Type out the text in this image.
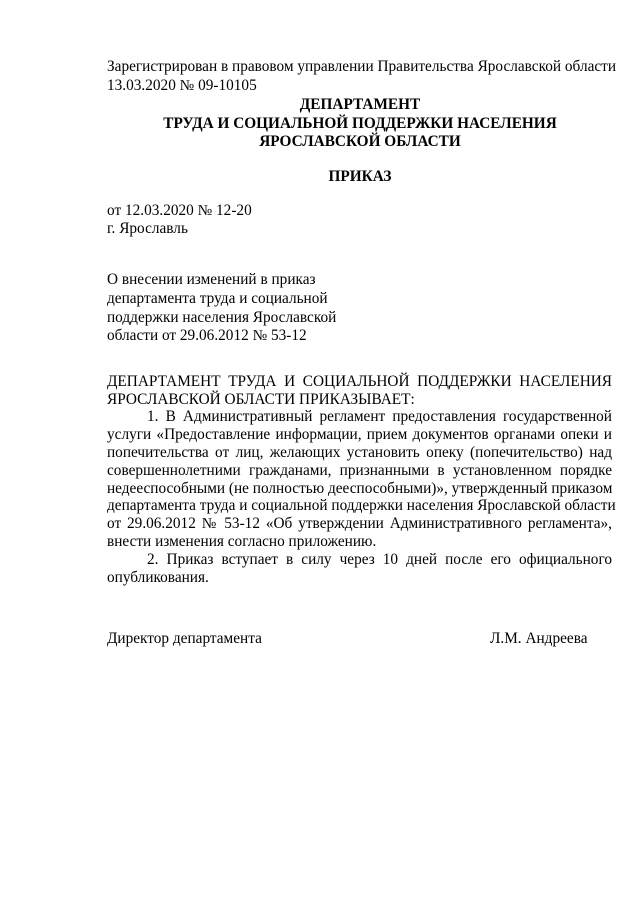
Зарегистрирован в правовом управлении Правительства Ярославской области
13.03.2020 № 09-10105
ДЕПАРТАМЕНТ
ТРУДА И СОЦИАЛЬНОЙ ПОДДЕРЖКИ НАСЕЛЕНИЯ
ЯРОСЛАВСКОЙ ОБЛАСТИ
ПРИКАЗ
от 12.03.2020 № 12-20
г. Ярославль
О внесении изменений в приказ
департамента труда и социальной
поддержки населения Ярославской
области от 29.06.2012 № 53-12
ДЕПАРТАМЕНТ ТРУДА И СОЦИАЛЬНОЙ ПОДДЕРЖКИ НАСЕЛЕНИЯ
ЯРОСЛАВСКОЙ ОБЛАСТИ ПРИКАЗЫВАЕТ:
1. В Административный регламент предоставления государственной
услуги «Предоставление информации, прием документов органами опеки и
попечительства от лиц, желающих установить опеку (попечительство) над
совершеннолетними гражданами, признанными в установленном порядке
недееспособными (не полностью дееспособными)», утвержденный приказом
департамента труда и социальной поддержки населения Ярославской области
от 29.06.2012 № 53-12 «Об утверждении Административного регламента»,
внести изменения согласно приложению.
2. Приказ вступает в силу через 10 дней после его официального
опубликования.
Директор департамента	Л.М. Андреева
